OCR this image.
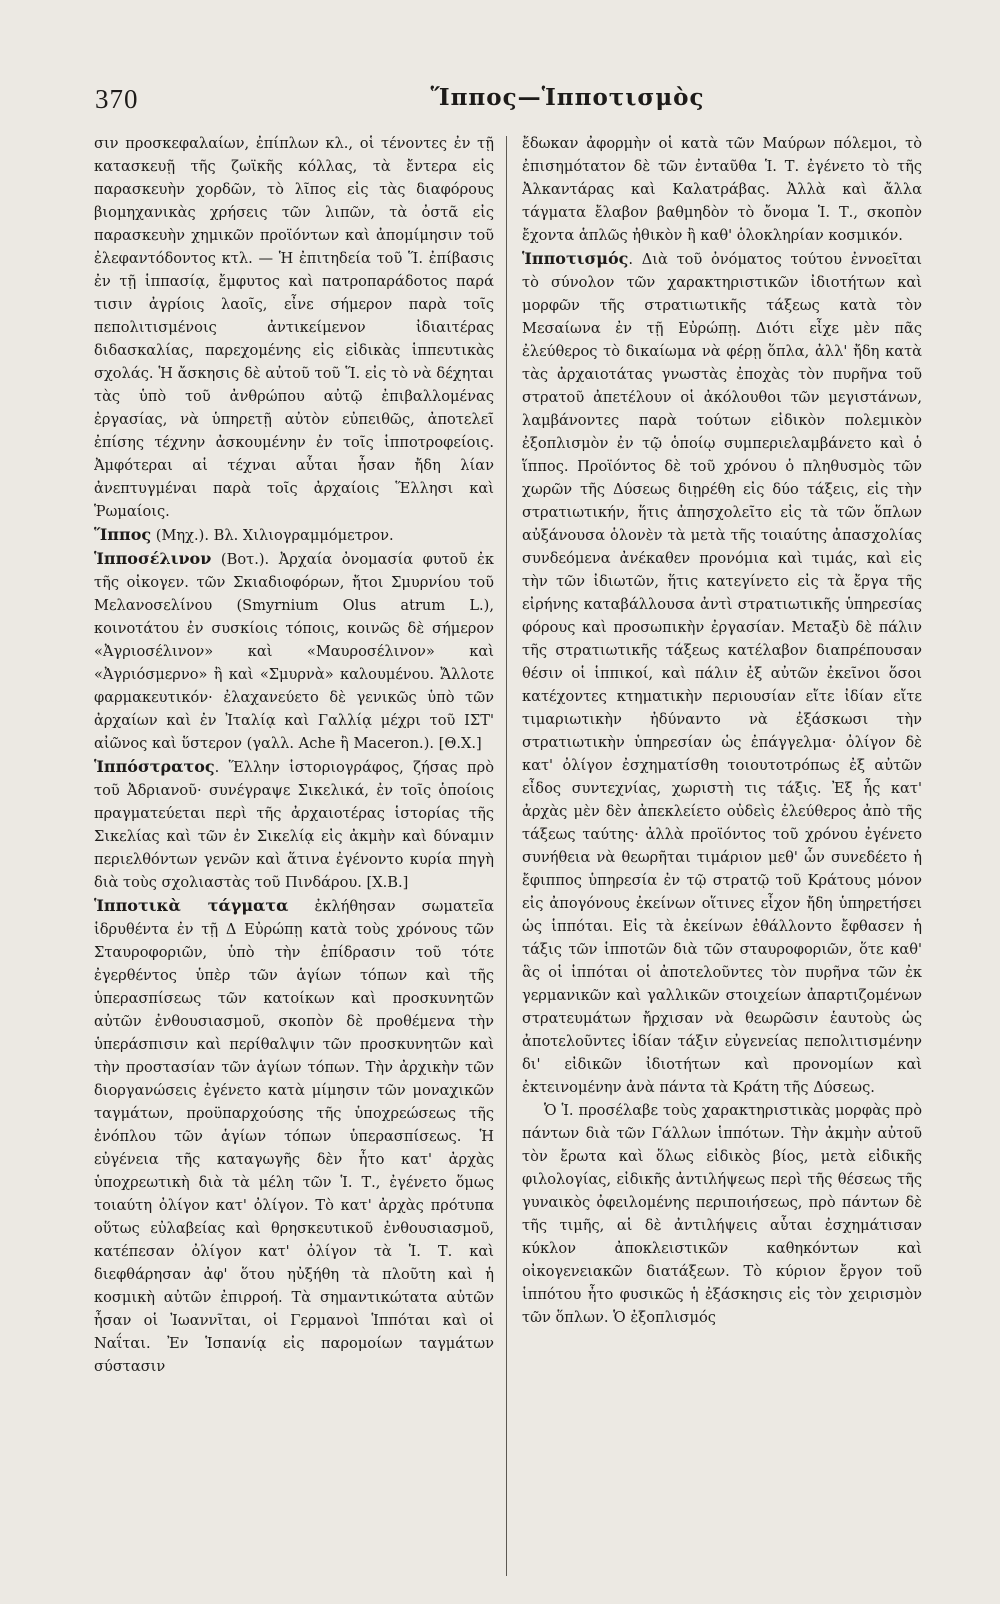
370	Ἵππος—Ἱπποτισμὸς

σιν προσκεφαλαίων, ἐπίπλων κλ., οἱ τένοντες ἐν τῇ κατασκευῇ τῆς ζωϊκῆς κόλλας, τὰ ἔντερα εἰς παρασκευὴν χορδῶν, τὸ λῖπος εἰς τὰς διαφόρους βιομηχανικὰς χρήσεις τῶν λιπῶν, τὰ ὀστᾶ εἰς παρασκευὴν χημικῶν προϊόντων καὶ ἀπομίμησιν τοῦ ἐλεφαντόδοντος κτλ. — Ἡ ἐπιτηδεία τοῦ Ἵ. ἐπίβασις ἐν τῇ ἱππασίᾳ, ἔμφυτος καὶ πατροπαράδοτος παρά τισιν ἀγρίοις λαοῖς, εἶνε σήμερον παρὰ τοῖς πεπολιτισμένοις ἀντικείμενον ἰδιαιτέρας διδασκαλίας, παρεχομένης εἰς εἰδικὰς ἱππευτικὰς σχολάς. Ἡ ἄσκησις δὲ αὐτοῦ τοῦ Ἵ. εἰς τὸ νὰ δέχηται τὰς ὑπὸ τοῦ ἀνθρώπου αὐτῷ ἐπιβαλλομένας ἐργασίας, νὰ ὑπηρετῇ αὐτὸν εὐπειθῶς, ἀποτελεῖ ἐπίσης τέχνην ἀσκουμένην ἐν τοῖς ἱπποτροφείοις. Ἀμφότεραι αἱ τέχναι αὗται ἦσαν ἤδη λίαν ἀνεπτυγμέναι παρὰ τοῖς ἀρχαίοις Ἕλλησι καὶ Ῥωμαίοις.

Ἵππος (Μηχ.). Βλ. Χιλιογραμμόμετρον.

Ἱπποσέλινον (Βοτ.). Ἀρχαία ὀνομασία φυτοῦ ἐκ τῆς οἰκογεν. τῶν Σκιαδιοφόρων, ἤτοι Σμυρνίου τοῦ Μελανοσελίνου (Smyrnium Olus atrum L.), κοινοτάτου ἐν συσκίοις τόποις, κοινῶς δὲ σήμερον «Ἀγριοσέλινον» καὶ «Μαυροσέλινον» καὶ «Ἀγριόσμερνο» ἢ καὶ «Σμυρνὰ» καλουμένου. Ἄλλοτε φαρμακευτικόν· ἐλαχανεύετο δὲ γενικῶς ὑπὸ τῶν ἀρχαίων καὶ ἐν Ἰταλίᾳ καὶ Γαλλίᾳ μέχρι τοῦ ΙΣΤ' αἰῶνος καὶ ὕστερον (γαλλ. Ache ἢ Maceron.). [Θ.Χ.]

Ἱππόστρατος. Ἕλλην ἱστοριογράφος, ζήσας πρὸ τοῦ Ἀδριανοῦ· συνέγραψε Σικελικά, ἐν τοῖς ὁποίοις πραγματεύεται περὶ τῆς ἀρχαιοτέρας ἱστορίας τῆς Σικελίας καὶ τῶν ἐν Σικελίᾳ εἰς ἀκμὴν καὶ δύναμιν περιελθόντων γενῶν καὶ ἅτινα ἐγένοντο κυρία πηγὴ διὰ τοὺς σχολιαστὰς τοῦ Πινδάρου. [Χ.Β.]

Ἱππoτικὰ τάγματα ἐκλήθησαν σωματεῖα ἱδρυθέντα ἐν τῇ Δ Εὐρώπῃ κατὰ τοὺς χρόνους τῶν Σταυροφοριῶν, ὑπὸ τὴν ἐπίδρασιν τοῦ τότε ἐγερθέντος ὑπὲρ τῶν ἁγίων τόπων καὶ τῆς ὑπερασπίσεως τῶν κατοίκων καὶ προσκυνητῶν αὐτῶν ἐνθουσιασμοῦ, σκοπὸν δὲ προθέμενα τὴν ὑπεράσπισιν καὶ περίθαλψιν τῶν προσκυνητῶν καὶ τὴν προστασίαν τῶν ἁγίων τόπων. Τὴν ἀρχικὴν τῶν διοργανώσεις ἐγένετο κατὰ μίμησιν τῶν μοναχικῶν ταγμάτων, προϋπαρχούσης τῆς ὑποχρεώσεως τῆς ἐνόπλου τῶν ἁγίων τόπων ὑπερασπίσεως. Ἡ εὐγένεια τῆς καταγωγῆς δὲν ἦτο κατ' ἀρχὰς ὑποχρεωτικὴ διὰ τὰ μέλη τῶν Ἱ. Τ., ἐγένετο ὅμως τοιαύτη ὀλίγον κατ' ὀλίγον. Τὸ κατ' ἀρχὰς πρότυπα οὕτως εὐλαβείας καὶ θρησκευτικοῦ ἐνθουσιασμοῦ, κατέπεσαν ὀλίγον κατ' ὀλίγον τὰ Ἱ. Τ. καὶ διεφθάρησαν ἀφ' ὅτου ηὐξήθη τὰ πλοῦτη καὶ ἡ κοσμικὴ αὐτῶν ἐπιρροή. Τὰ σημαντικώτατα αὐτῶν ἦσαν οἱ Ἰωαννῖται, οἱ Γερμανοὶ Ἱππόται καὶ οἱ Ναΐται. Ἐν Ἱσπανίᾳ εἰς παρομοίων ταγμάτων σύστασιν

ἔδωκαν ἀφορμὴν οἱ κατὰ τῶν Μαύρων πόλεμοι, τὸ ἐπισημότατον δὲ τῶν ἐνταῦθα Ἱ. Τ. ἐγένετο τὸ τῆς Ἀλκαντάρας καὶ Καλατράβας. Ἀλλὰ καὶ ἄλλα τάγματα ἔλαβον βαθμηδὸν τὸ ὄνομα Ἱ. Τ., σκοπὸν ἔχοντα ἁπλῶς ἠθικὸν ἢ καθ' ὁλοκληρίαν κοσμικόν.

Ἱπποτισμός. Διὰ τοῦ ὀνόματος τούτου ἐννοεῖται τὸ σύνολον τῶν χαρακτηριστικῶν ἰδιοτήτων καὶ μορφῶν τῆς στρατιωτικῆς τάξεως κατὰ τὸν Μεσαίωνα ἐν τῇ Εὐρώπῃ. Διότι εἶχε μὲν πᾶς ἐλεύθερος τὸ δικαίωμα νὰ φέρῃ ὅπλα, ἀλλ' ἤδη κατὰ τὰς ἀρχαιοτάτας γνωστὰς ἐποχὰς τὸν πυρῆνα τοῦ στρατοῦ ἀπετέλουν οἱ ἀκόλουθοι τῶν μεγιστάνων, λαμβάνοντες παρὰ τούτων εἰδικὸν πολεμικὸν ἐξοπλισμὸν ἐν τῷ ὁποίῳ συμπεριελαμβάνετο καὶ ὁ ἵππος. Προϊόντος δὲ τοῦ χρόνου ὁ πληθυσμὸς τῶν χωρῶν τῆς Δύσεως διῃρέθη εἰς δύο τάξεις, εἰς τὴν στρατιωτικήν, ἥτις ἀπησχολεῖτο εἰς τὰ τῶν ὅπλων αὐξάνουσα ὁλονὲν τὰ μετὰ τῆς τοιαύτης ἀπασχολίας συνδεόμενα ἀνέκαθεν προνόμια καὶ τιμάς, καὶ εἰς τὴν τῶν ἰδιωτῶν, ἥτις κατεγίνετο εἰς τὰ ἔργα τῆς εἰρήνης καταβάλλουσα ἀντὶ στρατιωτικῆς ὑπηρεσίας φόρους καὶ προσωπικὴν ἐργασίαν. Μεταξὺ δὲ πάλιν τῆς στρατιωτικῆς τάξεως κατέλαβον διαπρέπουσαν θέσιν οἱ ἱππικοί, καὶ πάλιν ἐξ αὐτῶν ἐκεῖνοι ὅσοι κατέχοντες κτηματικὴν περιουσίαν εἴτε ἰδίαν εἴτε τιμαριωτικὴν ἠδύναντο νὰ ἐξάσκωσι τὴν στρατιωτικὴν ὑπηρεσίαν ὡς ἐπάγγελμα· ὀλίγον δὲ κατ' ὀλίγον ἐσχηματίσθη τοιουτοτρόπως ἐξ αὐτῶν εἶδος συντεχνίας, χωριστὴ τις τάξις. Ἐξ ἧς κατ' ἀρχὰς μὲν δὲν ἀπεκλείετο οὐδεὶς ἐλεύθερος ἀπὸ τῆς τάξεως ταύτης· ἀλλὰ προϊόντος τοῦ χρόνου ἐγένετο συνήθεια νὰ θεωρῆται τιμάριον μεθ' ὧν συνεδέετο ἡ ἔφιππος ὑπηρεσία ἐν τῷ στρατῷ τοῦ Κράτους μόνον εἰς ἀπογόνους ἐκείνων οἵτινες εἶχον ἤδη ὑπηρετήσει ὡς ἱππόται. Εἰς τὰ ἐκείνων ἐθάλλοντο ἔφθασεν ἡ τάξις τῶν ἱπποτῶν διὰ τῶν σταυροφοριῶν, ὅτε καθ' ἃς οἱ ἱππόται οἱ ἀποτελοῦντες τὸν πυρῆνα τῶν ἐκ γερμανικῶν καὶ γαλλικῶν στοιχείων ἀπαρτιζομένων στρατευμάτων ἤρχισαν νὰ θεωρῶσιν ἑαυτοὺς ὡς ἀποτελοῦντες ἰδίαν τάξιν εὐγενείας πεπολιτισμένην δι' εἰδικῶν ἰδιοτήτων καὶ προνομίων καὶ ἐκτεινομένην ἀνὰ πάντα τὰ Κράτη τῆς Δύσεως.

Ὁ Ἱ. προσέλαβε τοὺς χαρακτηριστικὰς μορφὰς πρὸ πάντων διὰ τῶν Γάλλων ἱππότων. Τὴν ἀκμὴν αὐτοῦ τὸν ἔρωτα καὶ ὅλως εἰδικὸς βίος, μετὰ εἰδικῆς φιλολογίας, εἰδικῆς ἀντιλήψεως περὶ τῆς θέσεως τῆς γυναικὸς ὀφειλομένης περιποιήσεως, πρὸ πάντων δὲ τῆς τιμῆς, αἱ δὲ ἀντιλήψεις αὗται ἐσχημάτισαν κύκλον ἀποκλειστικῶν καθηκόντων καὶ οἰκογενειακῶν διατάξεων. Τὸ κύριον ἔργον τοῦ ἱππότου ἦτο φυσικῶς ἡ ἐξάσκησις εἰς τὸν χειρισμὸν τῶν ὅπλων. Ὁ ἐξοπλισμός
